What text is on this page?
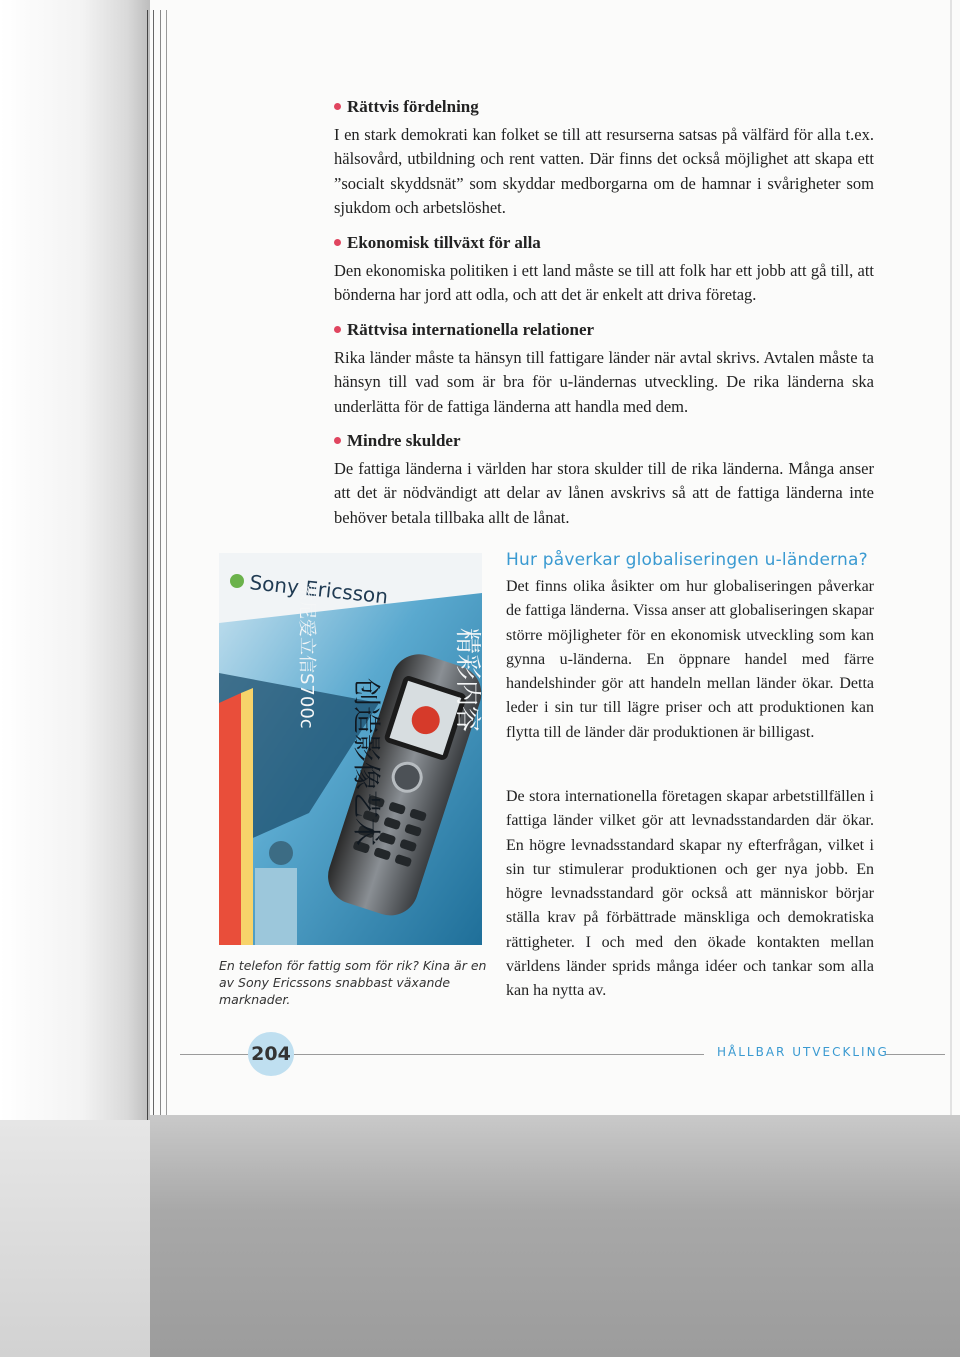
Rättvis fördelning

I en stark demokrati kan folket se till att resurserna satsas på välfärd för alla t.ex. hälsovård, utbildning och rent vatten. Där finns det också möjlighet att skapa ett ”socialt skyddsnät” som skyddar medborgarna om de hamnar i svårigheter som sjukdom och arbetslöshet.

Ekonomisk tillväxt för alla

Den ekonomiska politiken i ett land måste se till att folk har ett jobb att gå till, att bönderna har jord att odla, och att det är enkelt att driva företag.

Rättvisa internationella relationer

Rika länder måste ta hänsyn till fattigare länder när avtal skrivs. Avtalen måste ta hänsyn till vad som är bra för u-ländernas utveckling. De rika länderna ska underlätta för de fattiga länderna att handla med dem.

Mindre skulder

De fattiga länderna i världen har stora skulder till de rika länderna. Många anser att det är nödvändigt att delar av lånen avskrivs så att de fattiga länderna inte behöver betala tillbaka allt de lånat.

Sony Ericsson
索尼爱立信S700c	精彩内容
创造影像艺术
En telefon för fattig som för rik? Kina är en av Sony Ericssons snabbast växande marknader.
Hur påverkar globaliseringen u-länderna?

Det finns olika åsikter om hur globaliseringen påverkar de fattiga länderna. Vissa anser att globaliseringen skapar större möjligheter för en ekonomisk utveckling som kan gynna u-länderna. En öppnare handel med färre handelshinder gör att handeln mellan länder ökar. Detta leder i sin tur till lägre priser och att produktionen kan flytta till de länder där produktionen är billigast.

De stora internationella företagen skapar arbetstillfällen i fattiga länder vilket gör att levnadsstandarden där ökar. En högre levnadsstandard skapar ny efterfrågan, vilket i sin tur stimulerar produktionen och ger nya jobb. En högre levnadsstandard gör också att människor börjar ställa krav på förbättrade mänskliga och demokratiska rättigheter. I och med den ökade kontakten mellan världens länder sprids många idéer och tankar som alla kan ha nytta av.

204	HÅLLBAR UTVECKLING
